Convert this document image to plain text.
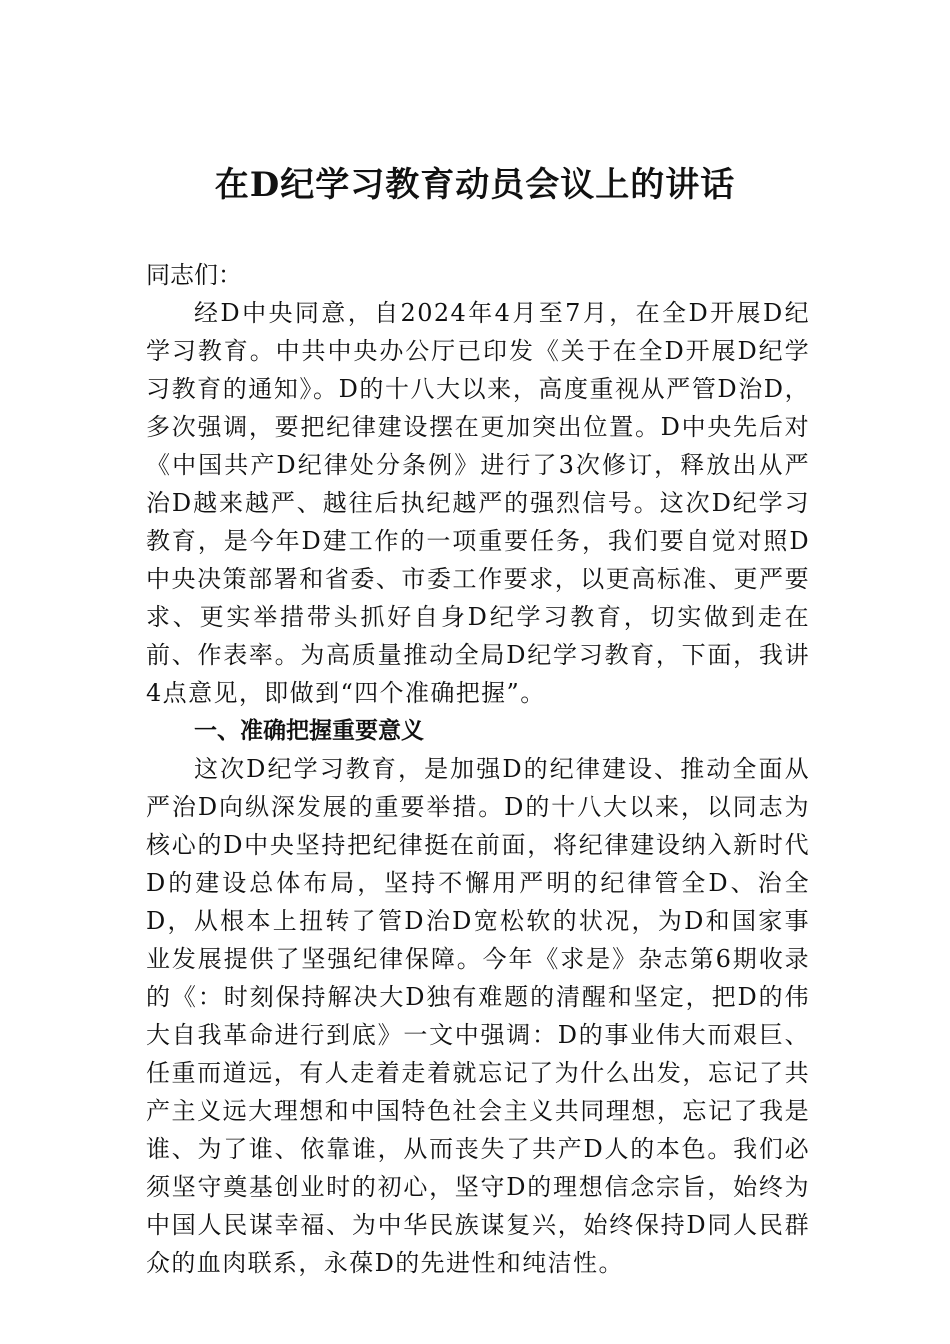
在D纪学习教育动员会议上的讲话

同志们：

经D中央同意，自2024年4月至7月，在全D开展D纪学习教育。中共中央办公厅已印发《关于在全D开展D纪学习教育的通知》。D的十八大以来，高度重视从严管D治D，多次强调，要把纪律建设摆在更加突出位置。D中央先后对《中国共产D纪律处分条例》进行了3次修订，释放出从严治D越来越严、越往后执纪越严的强烈信号。这次D纪学习教育，是今年D建工作的一项重要任务，我们要自觉对照D中央决策部署和省委、市委工作要求，以更高标准、更严要求、更实举措带头抓好自身D纪学习教育，切实做到走在前、作表率。为高质量推动全局D纪学习教育，下面，我讲4点意见，即做到“四个准确把握”。

一、准确把握重要意义

这次D纪学习教育，是加强D的纪律建设、推动全面从严治D向纵深发展的重要举措。D的十八大以来，以同志为核心的D中央坚持把纪律挺在前面，将纪律建设纳入新时代D的建设总体布局，坚持不懈用严明的纪律管全D、治全D，从根本上扭转了管D治D宽松软的状况，为D和国家事业发展提供了坚强纪律保障。今年《求是》杂志第6期收录的《：时刻保持解决大D独有难题的清醒和坚定，把D的伟大自我革命进行到底》一文中强调：D的事业伟大而艰巨、任重而道远，有人走着走着就忘记了为什么出发，忘记了共产主义远大理想和中国特色社会主义共同理想，忘记了我是谁、为了谁、依靠谁，从而丧失了共产D人的本色。我们必须坚守奠基创业时的初心，坚守D的理想信念宗旨，始终为中国人民谋幸福、为中华民族谋复兴，始终保持D同人民群众的血肉联系，永葆D的先进性和纯洁性。
